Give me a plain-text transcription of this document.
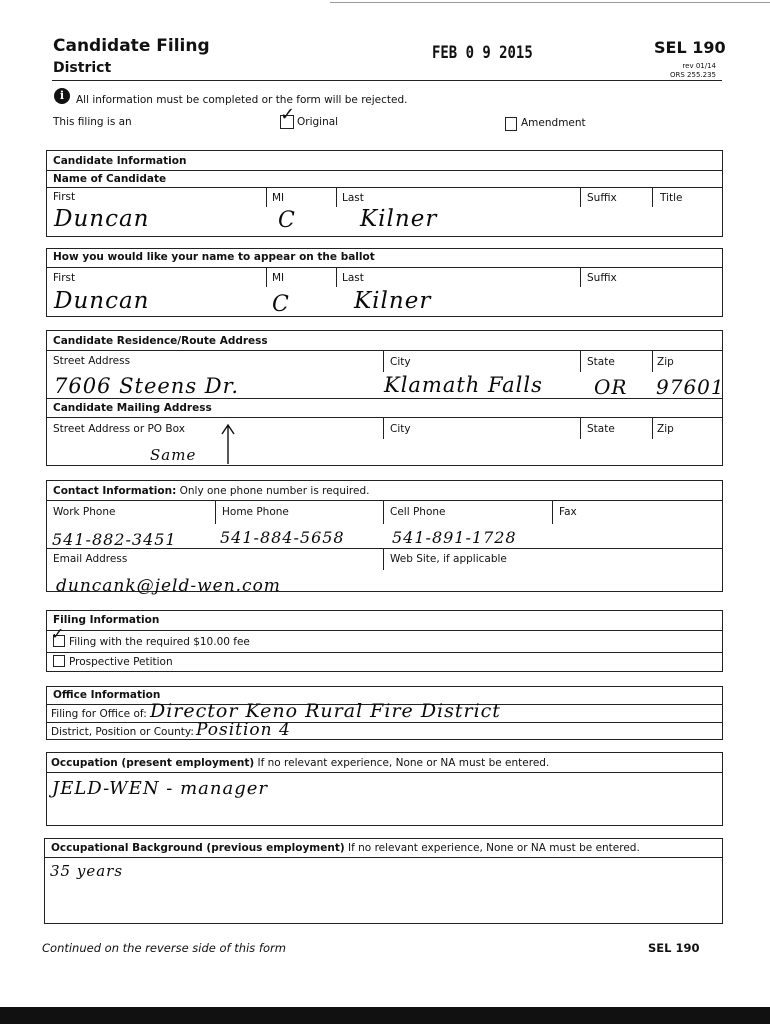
Candidate Filing
District
FEB 0 9 2015	SEL 190
rev 01/14
ORS 255.235
i	All information must be completed or the form will be rejected.
This filing is an	✓ Original	Amendment
Candidate Information
Name of Candidate
First	MI	Last	Suffix	Title
Duncan	C	Kilner
How you would like your name to appear on the ballot
First	MI	Last	Suffix
Duncan	C	Kilner
Candidate Residence/Route Address
Street Address	City	State	Zip
7606 Steens Dr.	Klamath Falls	OR 97601
Candidate Mailing Address
Street Address or PO Box	City	State	Zip
Same
Contact Information: Only one phone number is required.
Work Phone	Home Phone	Cell Phone	Fax
541-882-3451	541-884-5658	541-891-1728
Email Address	Web Site, if applicable
duncank@jeld-wen.com
Filing Information
✓ Filing with the required $10.00 fee
Prospective Petition
Office Information
Filing for Office of: Director Keno Rural Fire District
District, Position or County: Position 4
Occupation (present employment) If no relevant experience, None or NA must be entered.
JELD-WEN - manager
Occupational Background (previous employment) If no relevant experience, None or NA must be entered.
35 years
Continued on the reverse side of this form	SEL 190
